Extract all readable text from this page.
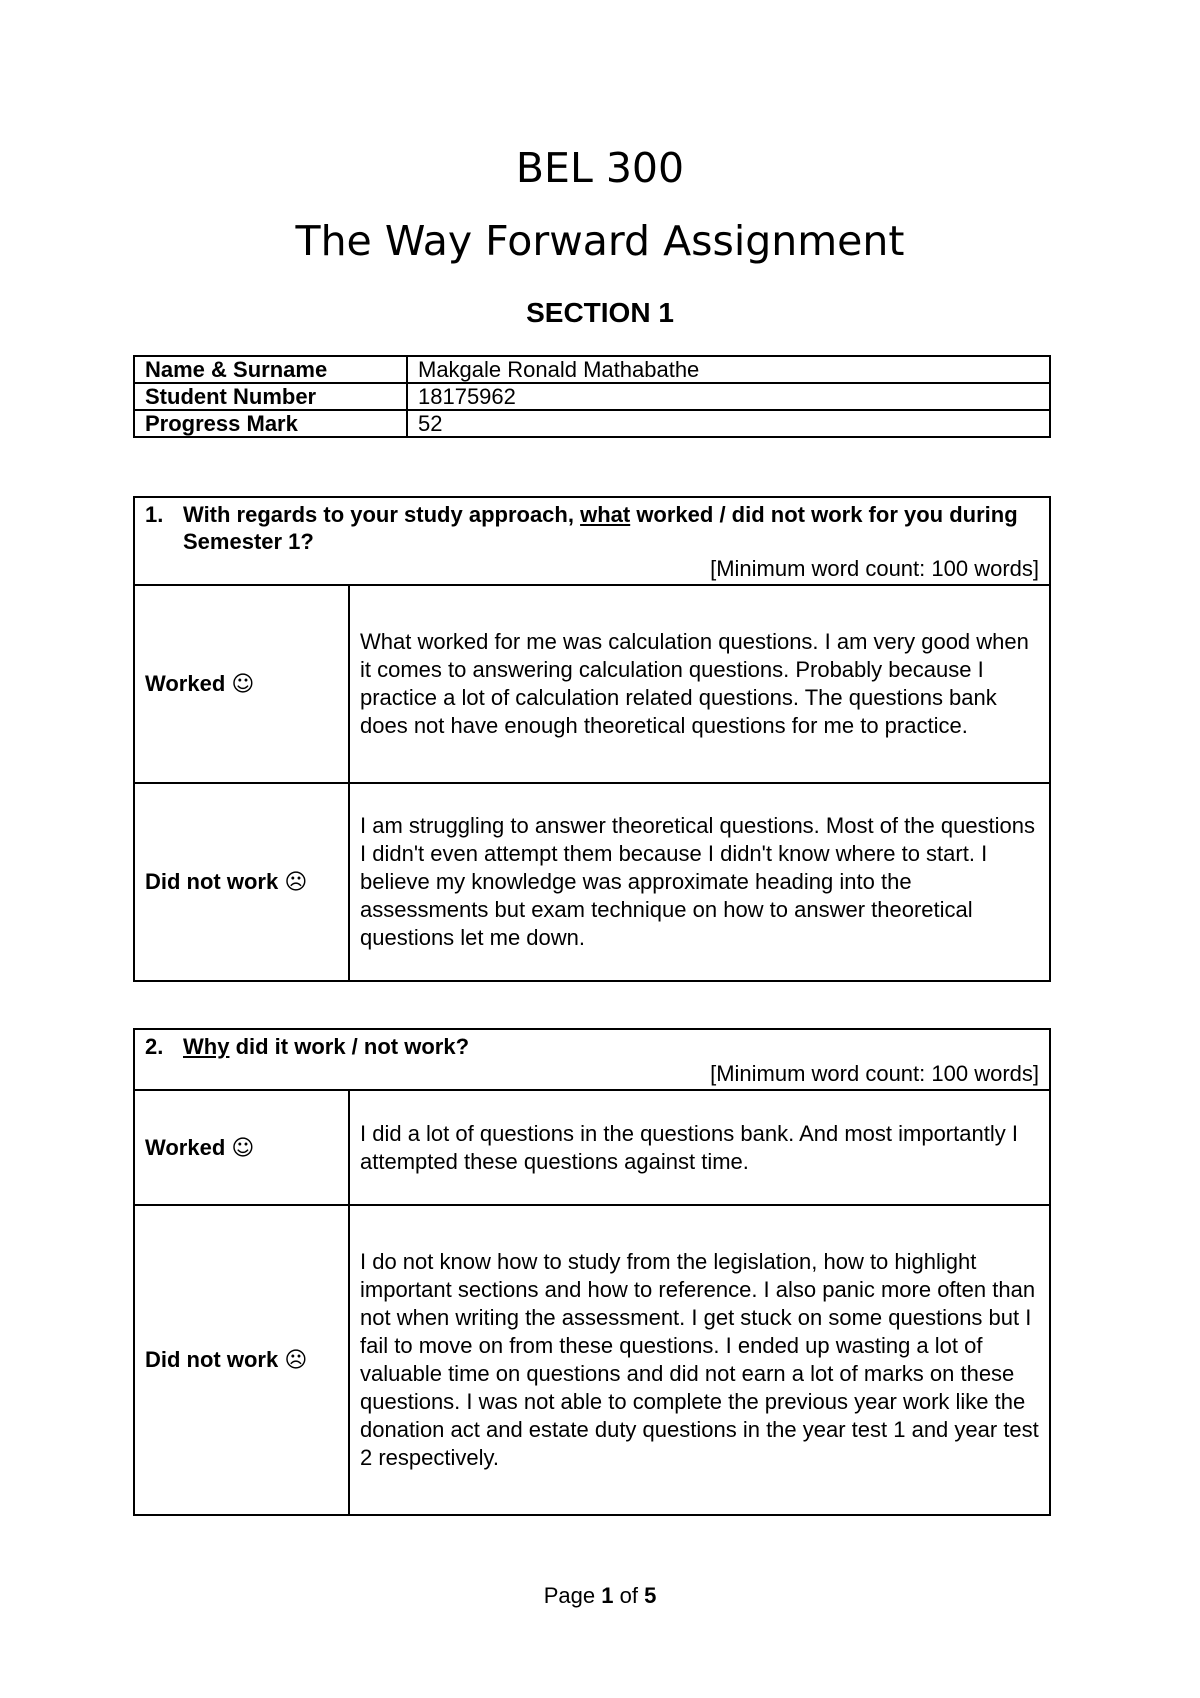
BEL 300
The Way Forward Assignment
SECTION 1
Name & Surname	Makgale Ronald Mathabathe
Student Number	18175962
Progress Mark	52
1. With regards to your study approach, what worked / did not work for you during Semester 1?
[Minimum word count: 100 words]	

Worked ☺	What worked for me was calculation questions. I am very good when it comes to answering calculation questions. Probably because I practice a lot of calculation related questions. The questions bank does not have enough theoretical questions for me to practice.
Did not work ☹	I am struggling to answer theoretical questions. Most of the questions I didn't even attempt them because I didn't know where to start. I believe my knowledge was approximate heading into the assessments but exam technique on how to answer theoretical questions let me down.
2. Why did it work / not work?
[Minimum word count: 100 words]	

Worked ☺	I did a lot of questions in the questions bank. And most importantly I attempted these questions against time.
Did not work ☹	I do not know how to study from the legislation, how to highlight important sections and how to reference. I also panic more often than not when writing the assessment. I get stuck on some questions but I fail to move on from these questions. I ended up wasting a lot of valuable time on questions and did not earn a lot of marks on these questions. I was not able to complete the previous year work like the donation act and estate duty questions in the year test 1 and year test 2 respectively.
Page 1 of 5
